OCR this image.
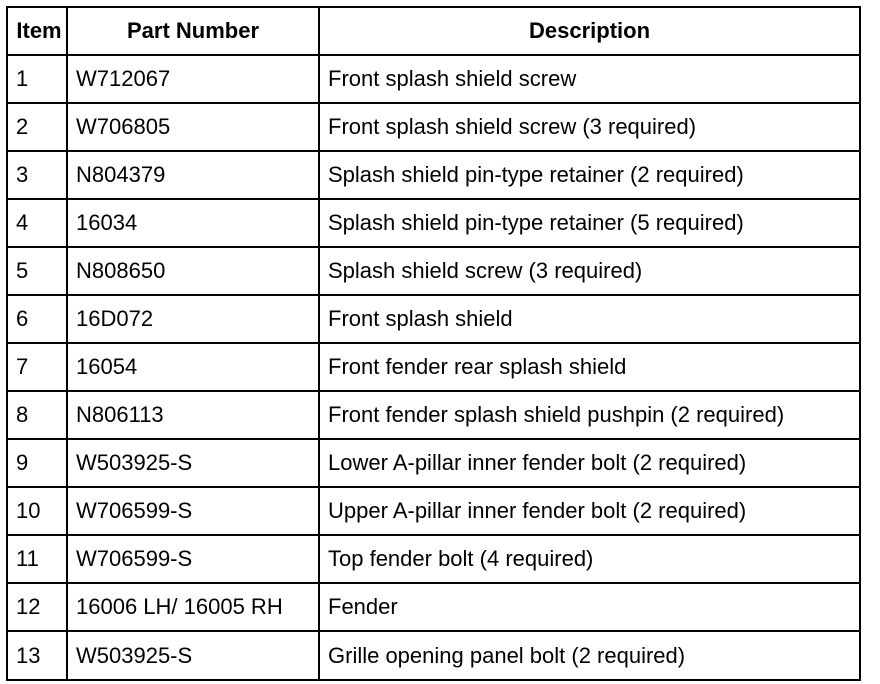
Item	Part Number	Description
1	W712067	Front splash shield screw
2	W706805	Front splash shield screw (3 required)
3	N804379	Splash shield pin-type retainer (2 required)
4	16034	Splash shield pin-type retainer (5 required)
5	N808650	Splash shield screw (3 required)
6	16D072	Front splash shield
7	16054	Front fender rear splash shield
8	N806113	Front fender splash shield pushpin (2 required)
9	W503925-S	Lower A-pillar inner fender bolt (2 required)
10	W706599-S	Upper A-pillar inner fender bolt (2 required)
11	W706599-S	Top fender bolt (4 required)
12	16006 LH/ 16005 RH	Fender
13	W503925-S	Grille opening panel bolt (2 required)
